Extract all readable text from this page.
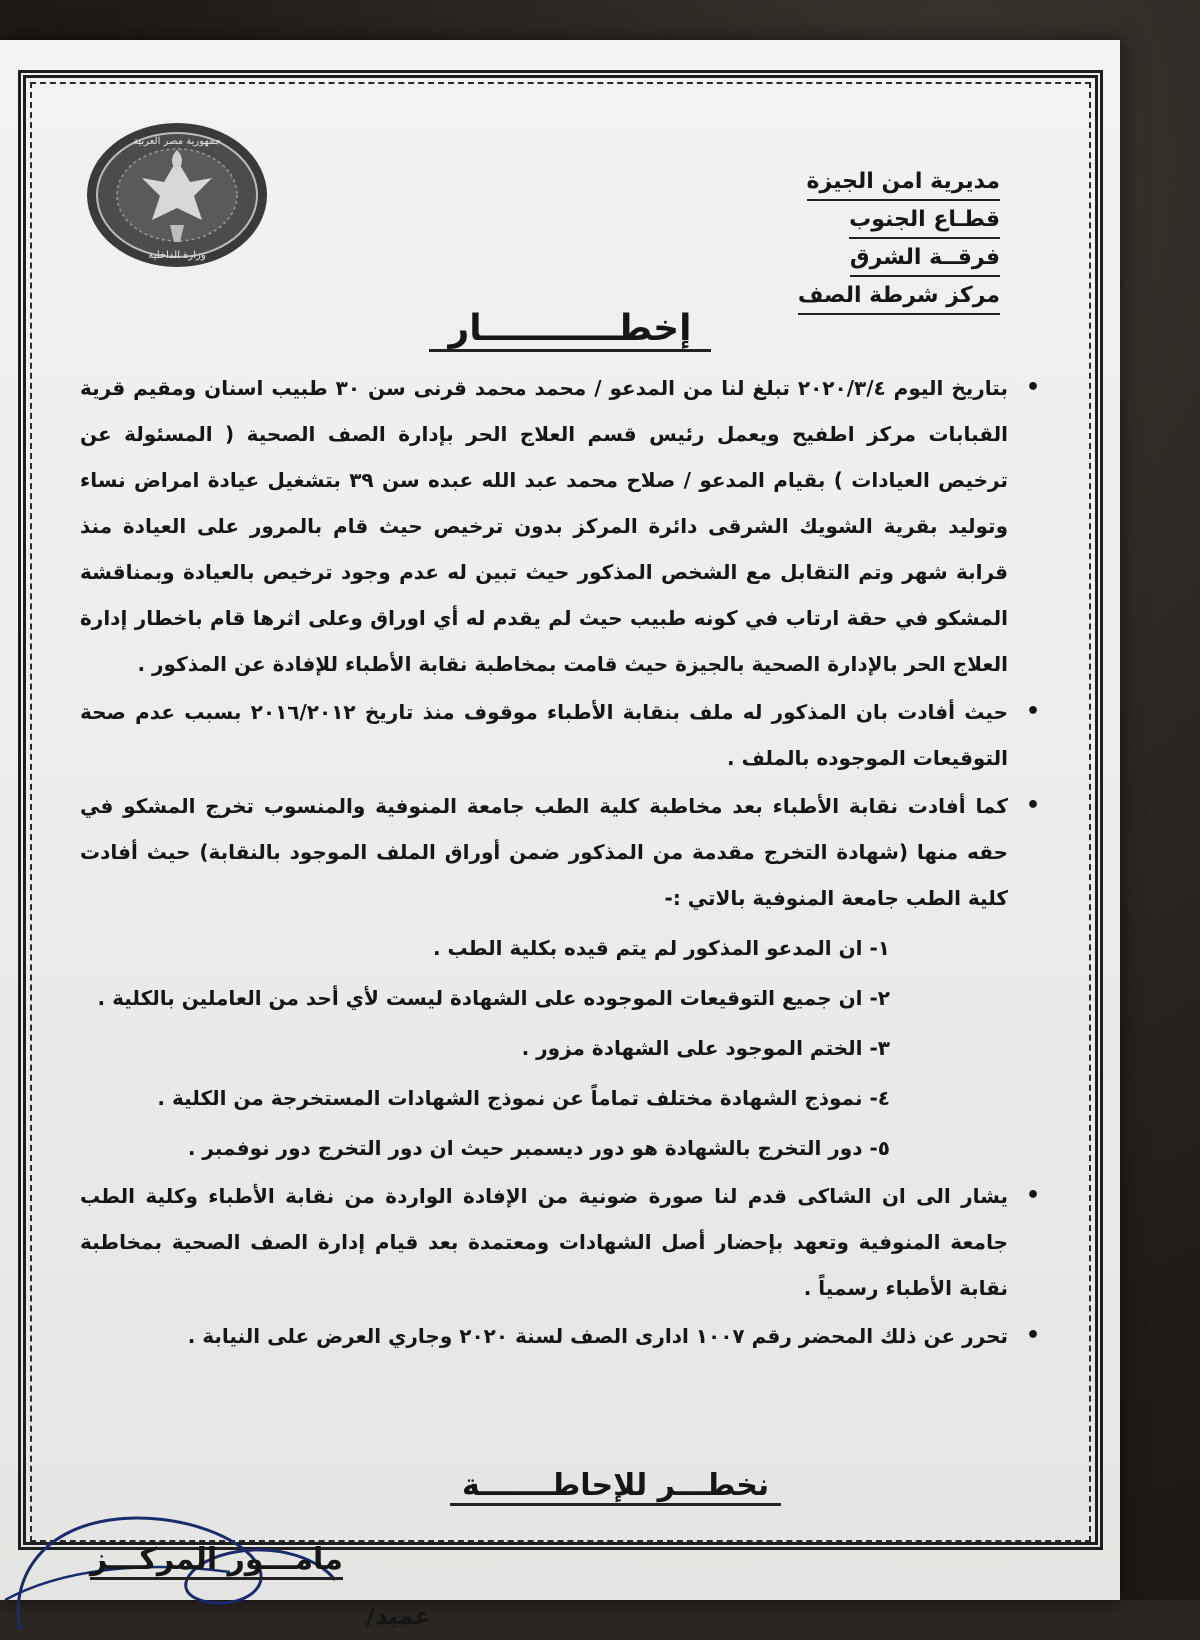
جمهورية مصر العربية
وزارة الداخلية
مديرية امن الجيزة
قطـاع الجنوب
فرقــة الشرق
مركز شرطة الصف
إخطـــــــــــار
•
بتاريخ اليوم ٢٠٢٠/٣/٤ تبلغ لنا من المدعو / محمد محمد قرنى سن ٣٠ طبيب اسنان ومقيم قرية القبابات مركز اطفيح ويعمل رئيس قسم العلاج الحر بإدارة الصف الصحية ( المسئولة عن ترخيص العيادات ) بقيام المدعو / صلاح محمد عبد الله عبده سن ٣٩ بتشغيل عيادة امراض نساء وتوليد بقرية الشويك الشرقى دائرة المركز بدون ترخيص حيث قام بالمرور على العيادة منذ قرابة شهر وتم التقابل مع الشخص المذكور حيث تبين له عدم وجود ترخيص بالعيادة وبمناقشة المشكو في حقة ارتاب في كونه طبيب حيث لم يقدم له أي اوراق وعلى اثرها قام باخطار إدارة العلاج الحر بالإدارة الصحية بالجيزة حيث قامت بمخاطبة نقابة الأطباء للإفادة عن المذكور .
•
حيث أفادت بان المذكور له ملف بنقابة الأطباء موقوف منذ تاريخ ٢٠١٦/٢٠١٢ بسبب عدم صحة التوقيعات الموجوده بالملف .
•
كما أفادت نقابة الأطباء بعد مخاطبة كلية الطب جامعة المنوفية والمنسوب تخرج المشكو في حقه منها (شهادة التخرج مقدمة من المذكور ضمن أوراق الملف الموجود بالنقابة) حيث أفادت كلية الطب جامعة المنوفية بالاتي :-
١- ان المدعو المذكور لم يتم قيده بكلية الطب .
٢- ان جميع التوقيعات الموجوده على الشهادة ليست لأي أحد من العاملين بالكلية .
٣- الختم الموجود على الشهادة مزور .
٤- نموذج الشهادة مختلف تماماً عن نموذج الشهادات المستخرجة من الكلية .
٥- دور التخرج بالشهادة هو دور ديسمبر حيث ان دور التخرج دور نوفمبر .
•
يشار الى ان الشاكى قدم لنا صورة ضونية من الإفادة الواردة من نقابة الأطباء وكلية الطب جامعة المنوفية وتعهد بإحضار أصل الشهادات ومعتمدة بعد قيام إدارة الصف الصحية بمخاطبة نقابة الأطباء رسمياً .
•
تحرر عن ذلك المحضر رقم ١٠٠٧ ادارى الصف لسنة ٢٠٢٠ وجاري العرض على النيابة .
نخطـــر للإحاطـــــــة
مامـــور المركـــز
عميد/
